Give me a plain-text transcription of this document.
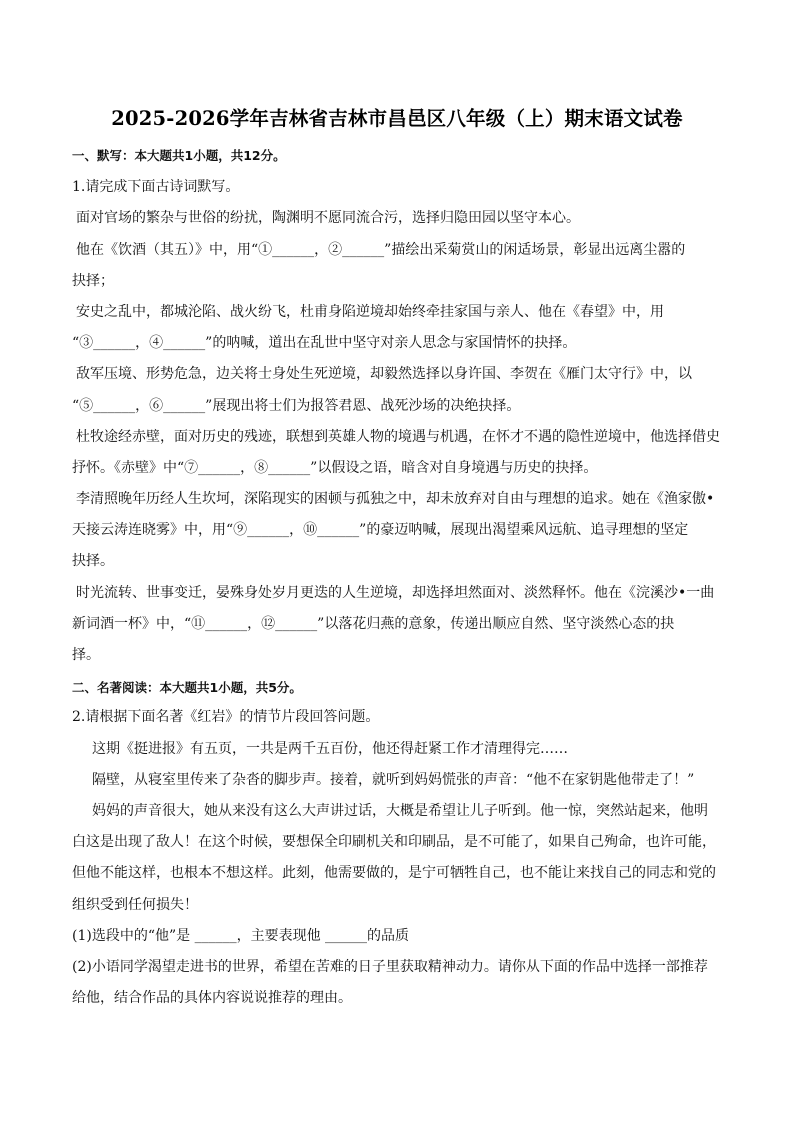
2025-2026学年吉林省吉林市昌邑区八年级（上）期末语文试卷
一、默写：本大题共1小题，共12分。
1.请完成下面古诗词默写。
面对官场的繁杂与世俗的纷扰，陶渊明不愿同流合污，选择归隐田园以坚守本心。
他在《饮酒（其五）》中，用“①______，②______”描绘出采菊赏山的闲适场景，彰显出远离尘嚣的
抉择；
安史之乱中，都城沦陷、战火纷飞，杜甫身陷逆境却始终牵挂家国与亲人、他在《春望》中，用
“③______，④______”的呐喊，道出在乱世中坚守对亲人思念与家国情怀的抉择。
敌军压境、形势危急，边关将士身处生死逆境，却毅然选择以身许国、李贺在《雁门太守行》中，以
“⑤______，⑥______”展现出将士们为报答君恩、战死沙场的决绝抉择。
杜牧途经赤壁，面对历史的残迹，联想到英雄人物的境遇与机遇，在怀才不遇的隐性逆境中，他选择借史
抒怀。《赤壁》中“⑦______，⑧______”以假设之语，暗含对自身境遇与历史的抉择。
李清照晚年历经人生坎坷，深陷现实的困顿与孤独之中，却未放弃对自由与理想的追求。她在《渔家傲•
天接云涛连晓雾》中，用“⑨______，⑩______”的豪迈呐喊，展现出渴望乘风远航、追寻理想的坚定
抉择。
时光流转、世事变迁，晏殊身处岁月更迭的人生逆境，却选择坦然面对、淡然释怀。他在《浣溪沙•一曲
新词酒一杯》中，“⑪______，⑫______”以落花归燕的意象，传递出顺应自然、坚守淡然心态的抉
择。
二、名著阅读：本大题共1小题，共5分。
2.请根据下面名著《红岩》的情节片段回答问题。
这期《挺进报》有五页，一共是两千五百份，他还得赶紧工作才清理得完……
隔壁，从寝室里传来了杂沓的脚步声。接着，就听到妈妈慌张的声音：“他不在家钥匙他带走了！”
妈妈的声音很大，她从来没有这么大声讲过话，大概是希望让儿子听到。他一惊，突然站起来，他明
白这是出现了敌人！在这个时候，要想保全印刷机关和印刷品，是不可能了，如果自己殉命，也许可能，
但他不能这样，也根本不想这样。此刻，他需要做的，是宁可牺牲自己，也不能让来找自己的同志和党的
组织受到任何损失！
(1)选段中的“他”是 ______，主要表现他 ______的品质
(2)小语同学渴望走进书的世界，希望在苦难的日子里获取精神动力。请你从下面的作品中选择一部推荐
给他，结合作品的具体内容说说推荐的理由。
